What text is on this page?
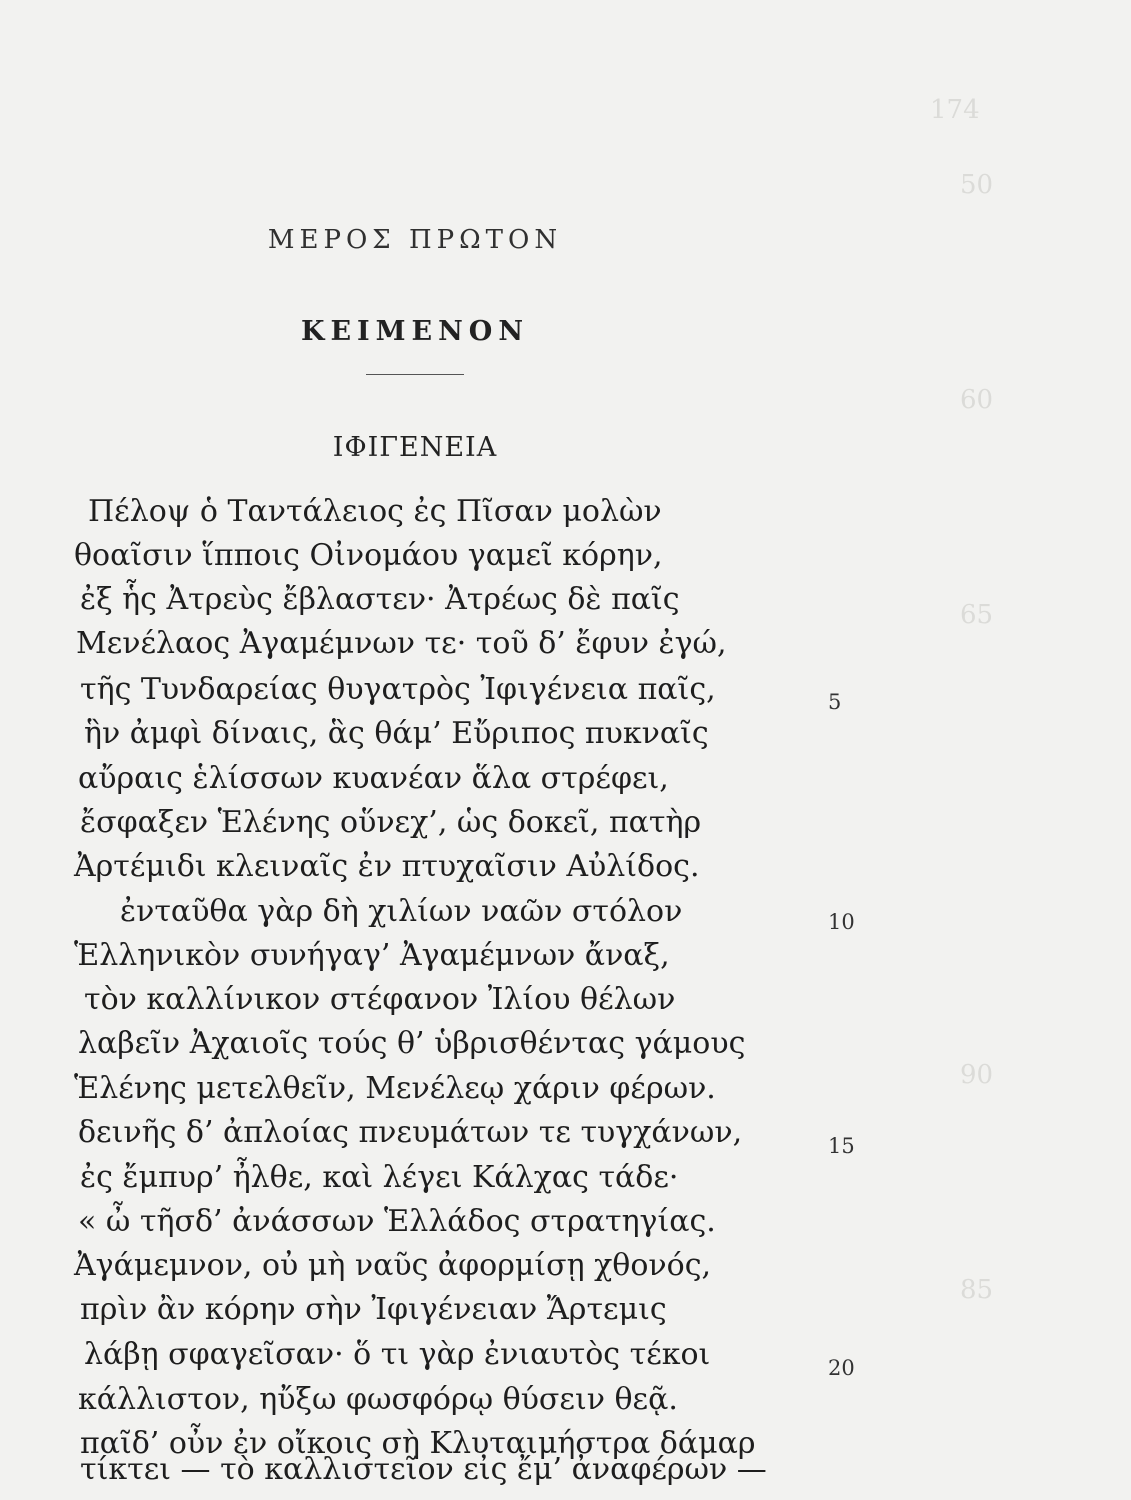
174
50
60
65
90
85
ΜΕΡΟΣ ΠΡΩΤΟΝ
ΚΕΙΜΕΝΟΝ
ΙΦΙΓΕΝΕΙΑ
Πέλοψ ὁ Ταντάλειος ἐς Πῖσαν μολὼν
θοαῖσιν ἵπποις Οἰνομάου γαμεῖ κόρην,
ἐξ ἧς Ἀτρεὺς ἔβλαστεν· Ἀτρέως δὲ παῖς
Μενέλαος Ἀγαμέμνων τε· τοῦ δ’ ἔφυν ἐγώ,
τῆς Τυνδαρείας θυγατρὸς Ἰφιγένεια παῖς,
ἣν ἀμφὶ δίναις, ἃς θάμ’ Εὔριπος πυκναῖς
αὔραις ἑλίσσων κυανέαν ἅλα στρέφει,
ἔσφαξεν Ἑλένης οὕνεχ’, ὡς δοκεῖ, πατὴρ
Ἀρτέμιδι κλειναῖς ἐν πτυχαῖσιν Αὐλίδος.
ἐνταῦθα γὰρ δὴ χιλίων ναῶν στόλον
Ἑλληνικὸν συνήγαγ’ Ἀγαμέμνων ἄναξ,
τὸν καλλίνικον στέφανον Ἰλίου θέλων
λαβεῖν Ἀχαιοῖς τούς θ’ ὑβρισθέντας γάμους
Ἑλένης μετελθεῖν, Μενέλεῳ χάριν φέρων.
δεινῆς δ’ ἀπλοίας πνευμάτων τε τυγχάνων,
ἐς ἔμπυρ’ ἦλθε, καὶ λέγει Κάλχας τάδε·
« ὦ τῆσδ’ ἀνάσσων Ἑλλάδος στρατηγίας.
Ἀγάμεμνον, οὐ μὴ ναῦς ἀφορμίσῃ χθονός,
πρὶν ἂν κόρην σὴν Ἰφιγένειαν Ἄρτεμις
λάβῃ σφαγεῖσαν· ὅ τι γὰρ ἐνιαυτὸς τέκοι
κάλλιστον, ηὔξω φωσφόρῳ θύσειν θεᾷ.
παῖδ’ οὖν ἐν οἴκοις σὴ Κλυταιμήστρα δάμαρ
τίκτει — τὸ καλλιστεῖον εἰς ἔμ’ ἀναφέρων —
5
10
15
20
